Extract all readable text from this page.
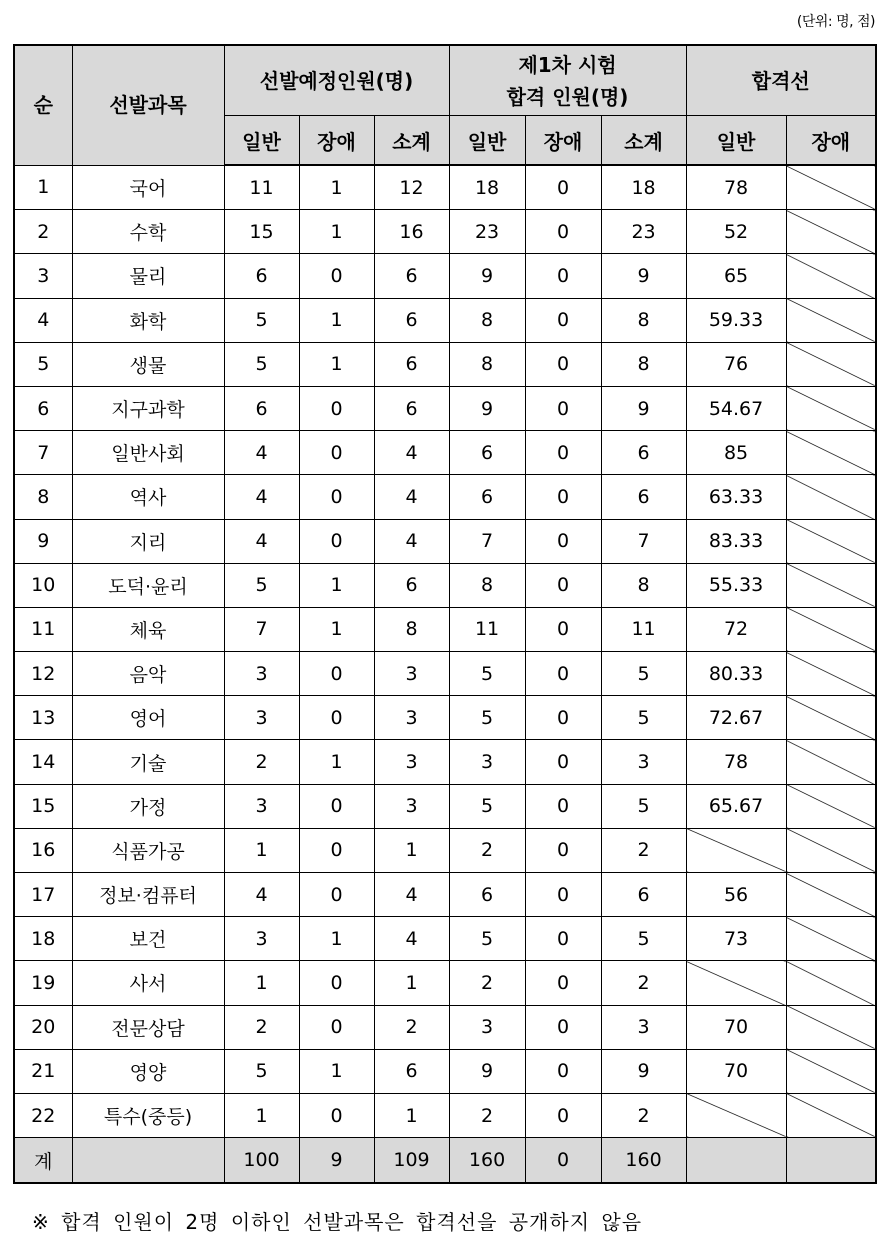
(단위: 명, 점)
순	선발과목	선발예정인원(명)			제1차 시험
합격 인원(명)			합격선	
		일반	장애	소계	일반	장애	소계	일반	장애
1	국어	11	1	12	18	0	18	78	
2	수학	15	1	16	23	0	23	52	
3	물리	6	0	6	9	0	9	65	
4	화학	5	1	6	8	0	8	59.33	
5	생물	5	1	6	8	0	8	76	
6	지구과학	6	0	6	9	0	9	54.67	
7	일반사회	4	0	4	6	0	6	85	
8	역사	4	0	4	6	0	6	63.33	
9	지리	4	0	4	7	0	7	83.33	
10	도덕·윤리	5	1	6	8	0	8	55.33	
11	체육	7	1	8	11	0	11	72	
12	음악	3	0	3	5	0	5	80.33	
13	영어	3	0	3	5	0	5	72.67	
14	기술	2	1	3	3	0	3	78	
15	가정	3	0	3	5	0	5	65.67	
16	식품가공	1	0	1	2	0	2		
17	정보·컴퓨터	4	0	4	6	0	6	56	
18	보건	3	1	4	5	0	5	73	
19	사서	1	0	1	2	0	2		
20	전문상담	2	0	2	3	0	3	70	
21	영양	5	1	6	9	0	9	70	
22	특수(중등)	1	0	1	2	0	2		
계		100	9	109	160	0	160		
※ 합격 인원이 2명 이하인 선발과목은 합격선을 공개하지 않음
